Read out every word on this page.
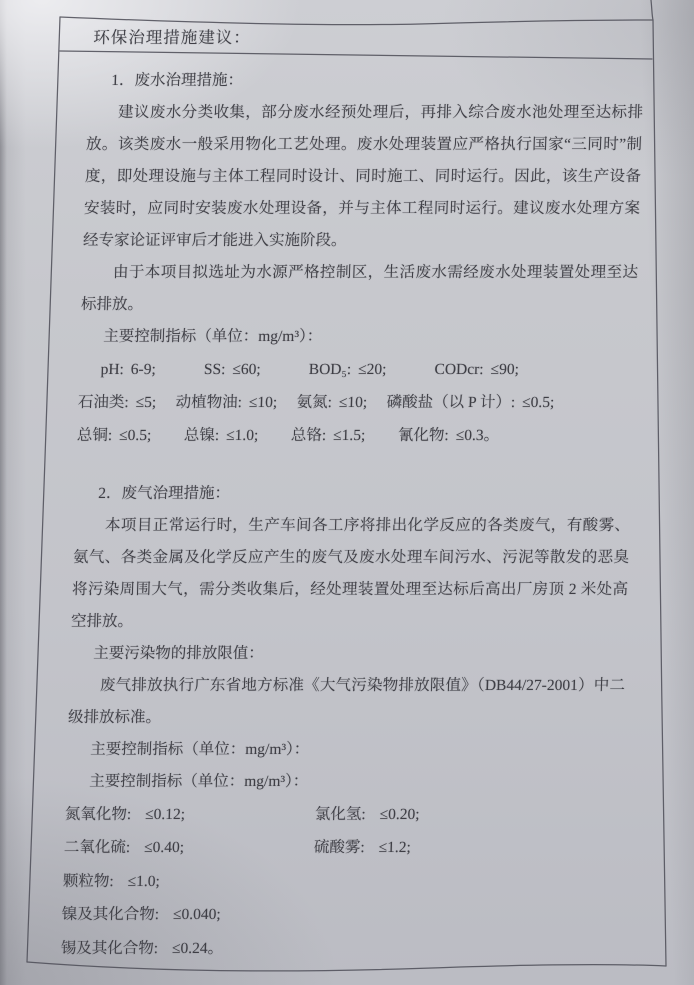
环保治理措施建议：

1．废水治理措施：

建议废水分类收集，部分废水经预处理后，再排入综合废水池处理至达标排放。该类废水一般采用物化工艺处理。废水处理装置应严格执行国家“三同时”制度，即处理设施与主体工程同时设计、同时施工、同时运行。因此，该生产设备安装时，应同时安装废水处理设备，并与主体工程同时运行。建议废水处理方案经专家论证评审后才能进入实施阶段。

由于本项目拟选址为水源严格控制区，生活废水需经废水处理装置处理至达标排放。

主要控制指标（单位：mg/m³）：

pH: 6-9;	SS: ≤60;	BOD₅: ≤20;	CODcr: ≤90;
石油类: ≤5; 动植物油: ≤10; 氨氮: ≤10; 磷酸盐（以 P 计）: ≤0.5;
总铜: ≤0.5; 总镍: ≤1.0; 总铬: ≤1.5; 氰化物: ≤0.3。

2．废气治理措施：

本项目正常运行时，生产车间各工序将排出化学反应的各类废气，有酸雾、氨气、各类金属及化学反应产生的废气及废水处理车间污水、污泥等散发的恶臭将污染周围大气，需分类收集后，经处理装置处理至达标后高出厂房顶 2 米处高空排放。

主要污染物的排放限值：

废气排放执行广东省地方标准《大气污染物排放限值》（DB44/27-2001）中二级排放标准。

主要控制指标（单位：mg/m³）：

主要控制指标（单位：mg/m³）：

氮氧化物: ≤0.12;	氯化氢: ≤0.20;
二氧化硫: ≤0.40;	硫酸雾: ≤1.2;
颗粒物: ≤1.0;
镍及其化合物: ≤0.040;
锡及其化合物: ≤0.24。
